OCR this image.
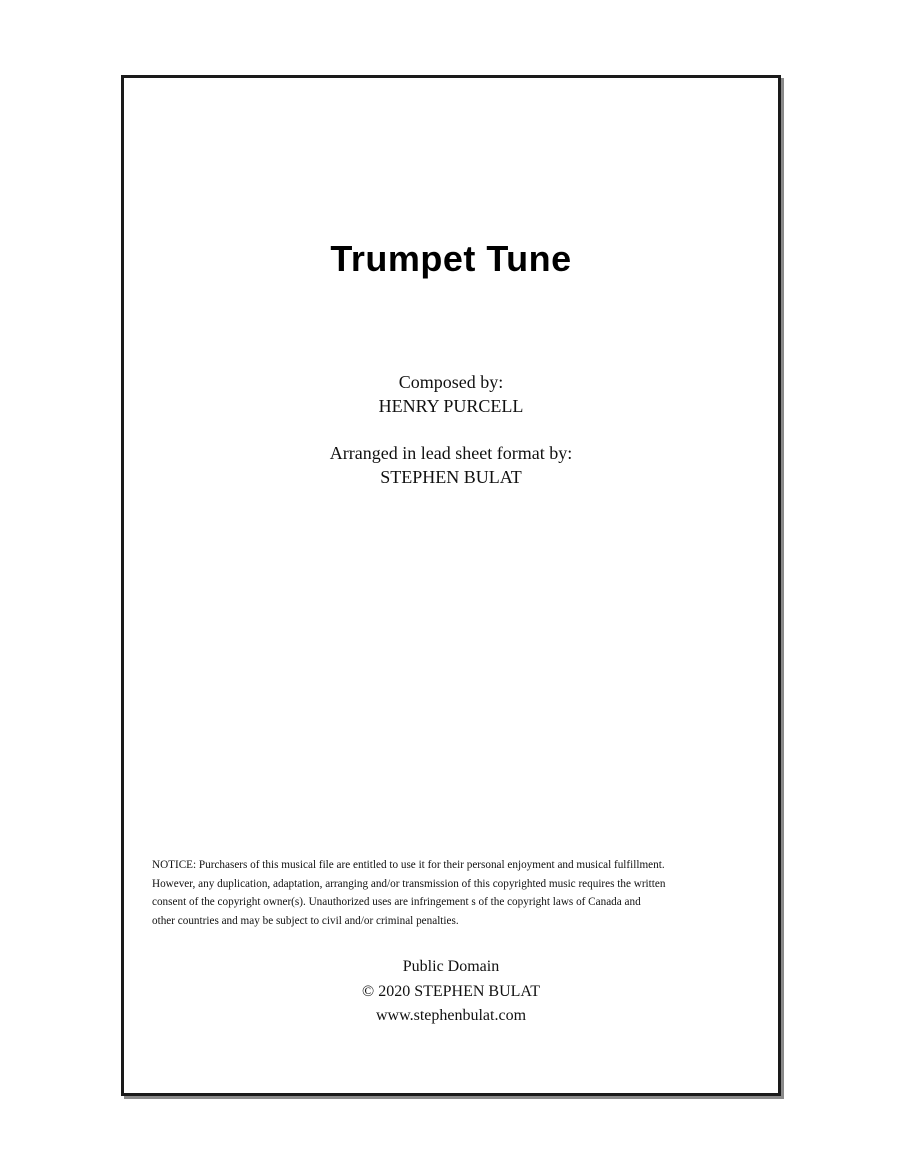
Trumpet Tune
Composed by:
HENRY PURCELL
Arranged in lead sheet format by:
STEPHEN BULAT
NOTICE: Purchasers of this musical file are entitled to use it for their personal enjoyment and musical fulfillment.
However, any duplication, adaptation, arranging and/or transmission of this copyrighted music requires the written
consent of the copyright owner(s). Unauthorized uses are infringement s of the copyright laws of Canada and
other countries and may be subject to civil and/or criminal penalties.
Public Domain
© 2020 STEPHEN BULAT
www.stephenbulat.com
